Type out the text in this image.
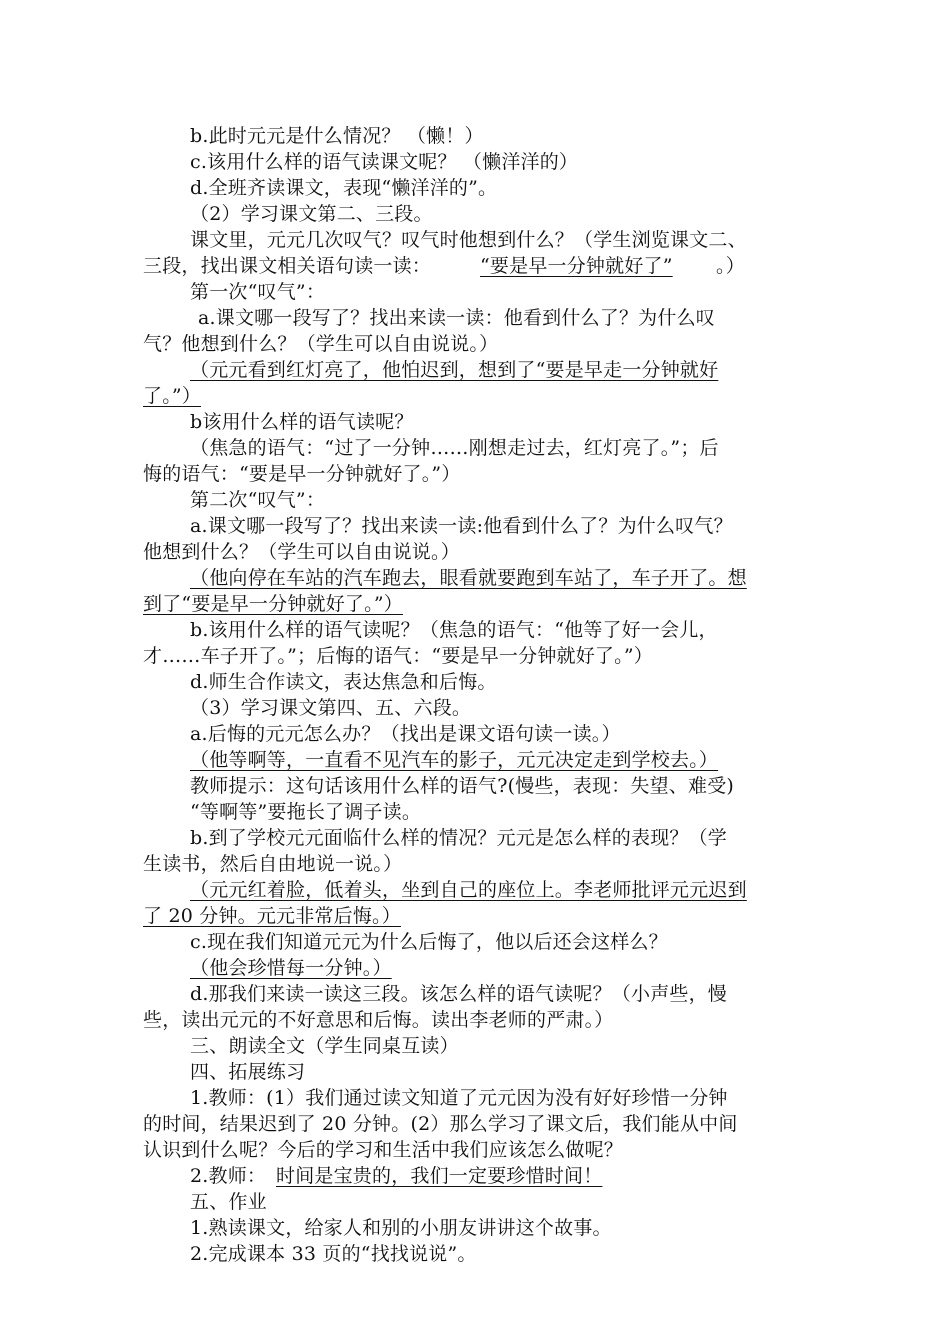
b.此时元元是什么情况？ （懒！）
c.该用什么样的语气读课文呢？ （懒洋洋的）
d.全班齐读课文，表现“懒洋洋的”。
（2）学习课文第二、三段。
课文里，元元几次叹气？叹气时他想到什么？（学生浏览课文二、
三段，找出课文相关语句读一读：	“要是早一分钟就好了” 。）
第一次“叹气”：
a.课文哪一段写了？找出来读一读：他看到什么了？为什么叹
气？他想到什么？（学生可以自由说说。）
（元元看到红灯亮了，他怕迟到，想到了“要是早走一分钟就好
了。”）
b该用什么样的语气读呢？
（焦急的语气：“过了一分钟……刚想走过去，红灯亮了。”；后
悔的语气：“要是早一分钟就好了。”）
第二次“叹气”：
a.课文哪一段写了？找出来读一读:他看到什么了？为什么叹气？
他想到什么？（学生可以自由说说。）
（他向停在车站的汽车跑去，眼看就要跑到车站了，车子开了。想
到了“要是早一分钟就好了。”）
b.该用什么样的语气读呢？（焦急的语气：“他等了好一会儿，
才……车子开了。”；后悔的语气：“要是早一分钟就好了。”）
d.师生合作读文，表达焦急和后悔。
（3）学习课文第四、五、六段。
a.后悔的元元怎么办？（找出是课文语句读一读。）
（他等啊等，一直看不见汽车的影子，元元决定走到学校去。）
教师提示：这句话该用什么样的语气?(慢些，表现：失望、难受)
“等啊等”要拖长了调子读。
b.到了学校元元面临什么样的情况？元元是怎么样的表现？（学
生读书，然后自由地说一说。）
（元元红着脸，低着头，坐到自己的座位上。李老师批评元元迟到
了 20 分钟。元元非常后悔。）
c.现在我们知道元元为什么后悔了，他以后还会这样么？
（他会珍惜每一分钟。）
d.那我们来读一读这三段。该怎么样的语气读呢？（小声些，慢
些，读出元元的不好意思和后悔。读出李老师的严肃。）
三、朗读全文（学生同桌互读）
四、拓展练习
1.教师：(1）我们通过读文知道了元元因为没有好好珍惜一分钟
的时间，结果迟到了 20 分钟。(2）那么学习了课文后，我们能从中间
认识到什么呢？今后的学习和生活中我们应该怎么做呢？
2.教师： 时间是宝贵的，我们一定要珍惜时间！
五、作业
1.熟读课文，给家人和别的小朋友讲讲这个故事。
2.完成课本 33 页的“找找说说”。
